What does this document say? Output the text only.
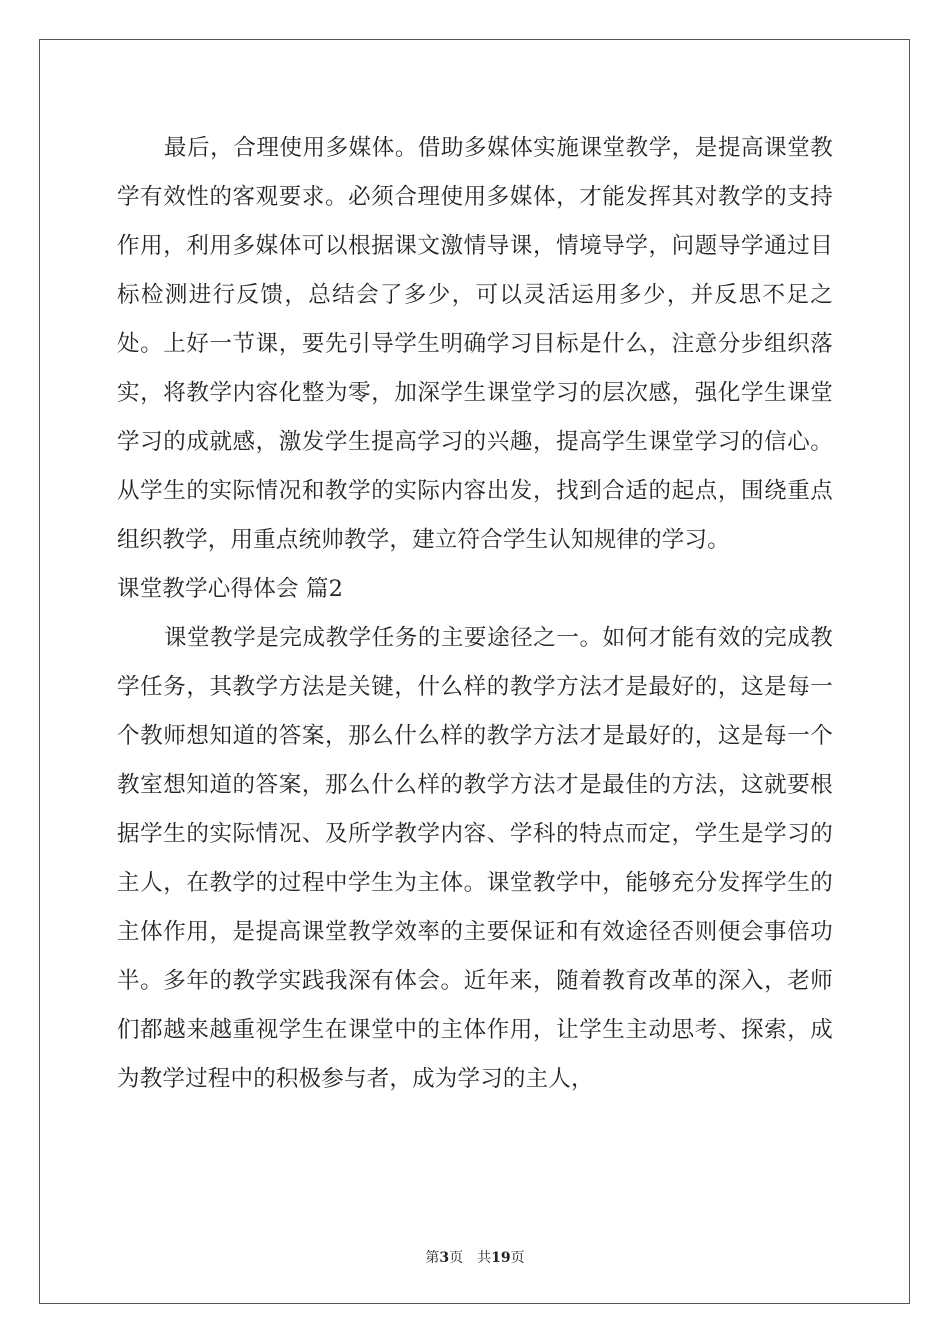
最后，合理使用多媒体。借助多媒体实施课堂教学，是提高课堂教学有效性的客观要求。必须合理使用多媒体，才能发挥其对教学的支持作用，利用多媒体可以根据课文激情导课，情境导学，问题导学通过目标检测进行反馈，总结会了多少，可以灵活运用多少，并反思不足之处。上好一节课，要先引导学生明确学习目标是什么，注意分步组织落实，将教学内容化整为零，加深学生课堂学习的层次感，强化学生课堂学习的成就感，激发学生提高学习的兴趣，提高学生课堂学习的信心。从学生的实际情况和教学的实际内容出发，找到合适的起点，围绕重点组织教学，用重点统帅教学，建立符合学生认知规律的学习。

课堂教学心得体会 篇2

课堂教学是完成教学任务的主要途径之一。如何才能有效的完成教学任务，其教学方法是关键，什么样的教学方法才是最好的，这是每一个教师想知道的答案，那么什么样的教学方法才是最好的，这是每一个教室想知道的答案，那么什么样的教学方法才是最佳的方法，这就要根据学生的实际情况、及所学教学内容、学科的特点而定，学生是学习的主人，在教学的过程中学生为主体。课堂教学中，能够充分发挥学生的主体作用，是提高课堂教学效率的主要保证和有效途径否则便会事倍功半。多年的教学实践我深有体会。近年来，随着教育改革的深入，老师们都越来越重视学生在课堂中的主体作用，让学生主动思考、探索，成为教学过程中的积极参与者，成为学习的主人，

第3页 共19页
